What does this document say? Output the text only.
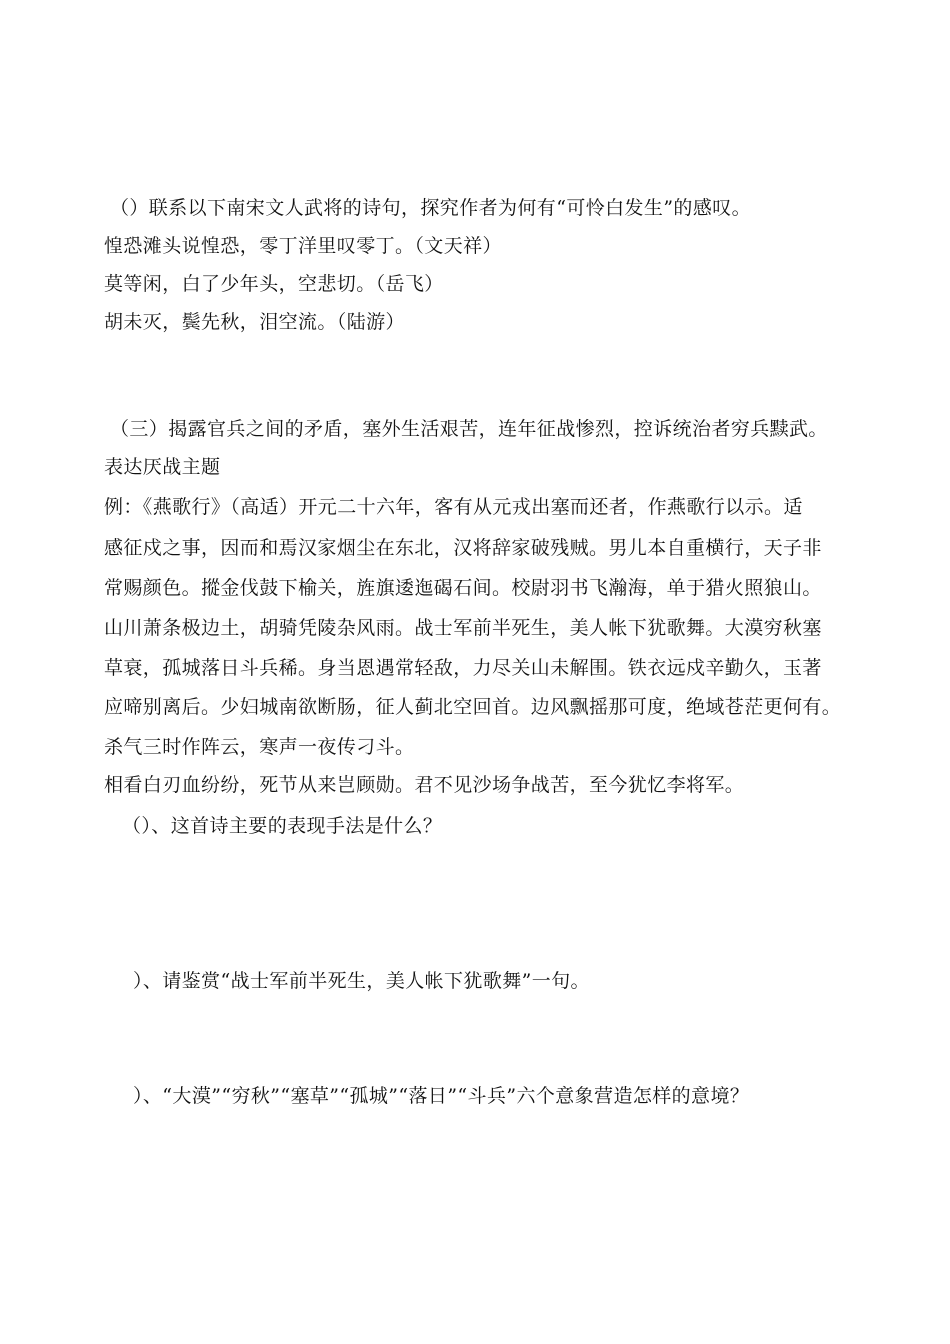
（）联系以下南宋文人武将的诗句，探究作者为何有“可怜白发生”的感叹。
惶恐滩头说惶恐，零丁洋里叹零丁。（文天祥）
莫等闲，白了少年头，空悲切。（岳飞）
胡未灭，鬓先秋，泪空流。（陆游）
（三）揭露官兵之间的矛盾，塞外生活艰苦，连年征战惨烈，控诉统治者穷兵黩武。
表达厌战主题
例：《燕歌行》（高适）开元二十六年，客有从元戎出塞而还者，作燕歌行以示。适
感征戍之事，因而和焉汉家烟尘在东北，汉将辞家破残贼。男儿本自重横行，天子非
常赐颜色。摐金伐鼓下榆关，旌旗逶迤碣石间。校尉羽书飞瀚海，单于猎火照狼山。
山川萧条极边土，胡骑凭陵杂风雨。战士军前半死生，美人帐下犹歌舞。大漠穷秋塞
草衰，孤城落日斗兵稀。身当恩遇常轻敌，力尽关山未解围。铁衣远戍辛勤久，玉著
应啼别离后。少妇城南欲断肠，征人蓟北空回首。边风飘摇那可度，绝域苍茫更何有。
杀气三时作阵云，寒声一夜传刁斗。
相看白刃血纷纷，死节从来岂顾勋。君不见沙场争战苦，至今犹忆李将军。
（）、这首诗主要的表现手法是什么？
）、请鉴赏“战士军前半死生，美人帐下犹歌舞”一句。
）、“大漠”“穷秋”“塞草”“孤城”“落日”“斗兵”六个意象营造怎样的意境？
